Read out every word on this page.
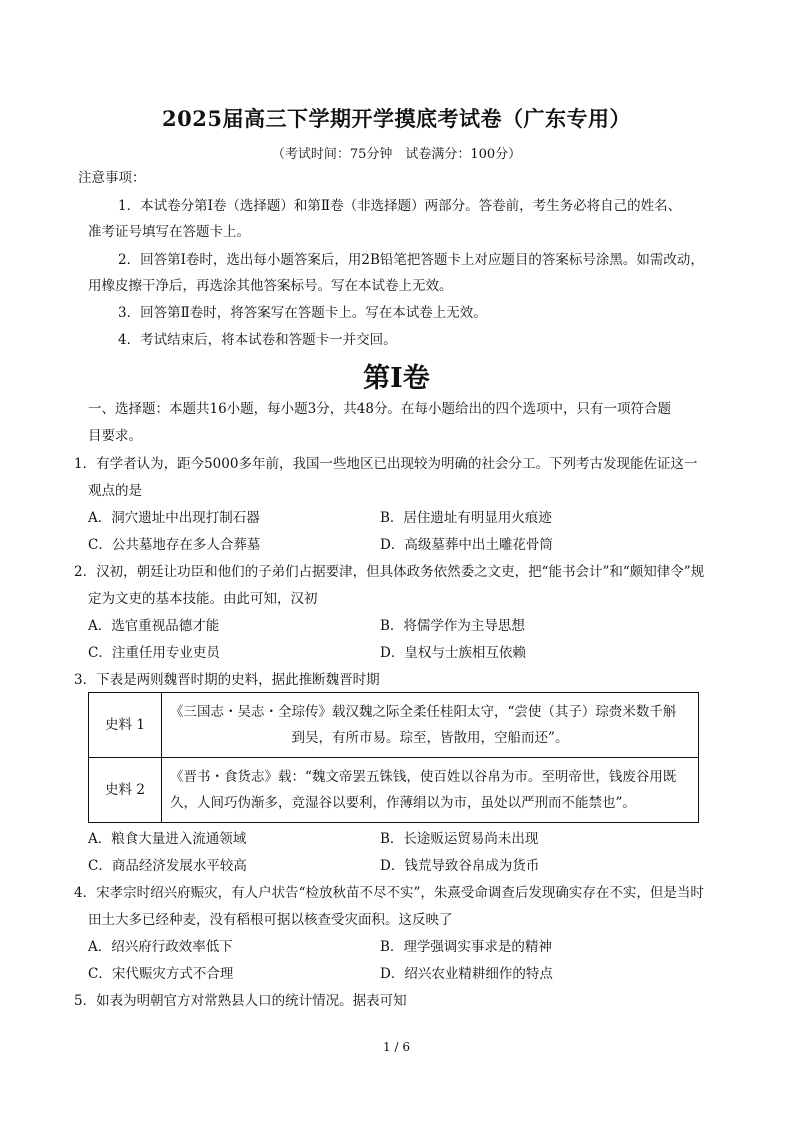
2025届高三下学期开学摸底考试卷（广东专用）
（考试时间：75分钟　试卷满分：100分）
注意事项：
1．本试卷分第Ⅰ卷（选择题）和第Ⅱ卷（非选择题）两部分。答卷前，考生务必将自己的姓名、
准考证号填写在答题卡上。
2．回答第Ⅰ卷时，选出每小题答案后，用2B铅笔把答题卡上对应题目的答案标号涂黑。如需改动，
用橡皮擦干净后，再选涂其他答案标号。写在本试卷上无效。
3．回答第Ⅱ卷时，将答案写在答题卡上。写在本试卷上无效。
4．考试结束后，将本试卷和答题卡一并交回。
第Ⅰ卷
一、选择题：本题共16小题，每小题3分，共48分。在每小题给出的四个选项中，只有一项符合题
目要求。
1．有学者认为，距今5000多年前，我国一些地区已出现较为明确的社会分工。下列考古发现能佐证这一
观点的是
A．洞穴遗址中出现打制石器	B．居住遗址有明显用火痕迹
C．公共墓地存在多人合葬墓	D．高级墓葬中出土雕花骨筒
2．汉初，朝廷让功臣和他们的子弟们占据要津，但具体政务依然委之文吏，把“能书会计”和“颇知律令”规
定为文吏的基本技能。由此可知，汉初
A．选官重视品德才能	B．将儒学作为主导思想
C．注重任用专业吏员	D．皇权与士族相互依赖
3．下表是两则魏晋时期的史料，据此推断魏晋时期
史料 1	《三国志・吴志・全琮传》载汉魏之际全柔任桂阳太守，“尝使（其子）琮赍米数千斛
到吴，有所市易。琮至，皆散用，空船而还”。

史料 2	《晋书・食货志》载：“魏文帝罢五铢钱，使百姓以谷帛为市。至明帝世，钱废谷用既
久，人间巧伪渐多，竞湿谷以要利，作薄绢以为市，虽处以严刑而不能禁也”。
A．粮食大量进入流通领域	B．长途贩运贸易尚未出现
C．商品经济发展水平较高	D．钱荒导致谷帛成为货币
4．宋孝宗时绍兴府赈灾，有人户状告“检放秋苗不尽不实”，朱熹受命调查后发现确实存在不实，但是当时
田土大多已经种麦，没有稻根可据以核查受灾面积。这反映了
A．绍兴府行政效率低下	B．理学强调实事求是的精神
C．宋代赈灾方式不合理	D．绍兴农业精耕细作的特点
5．如表为明朝官方对常熟县人口的统计情况。据表可知
1 / 6
